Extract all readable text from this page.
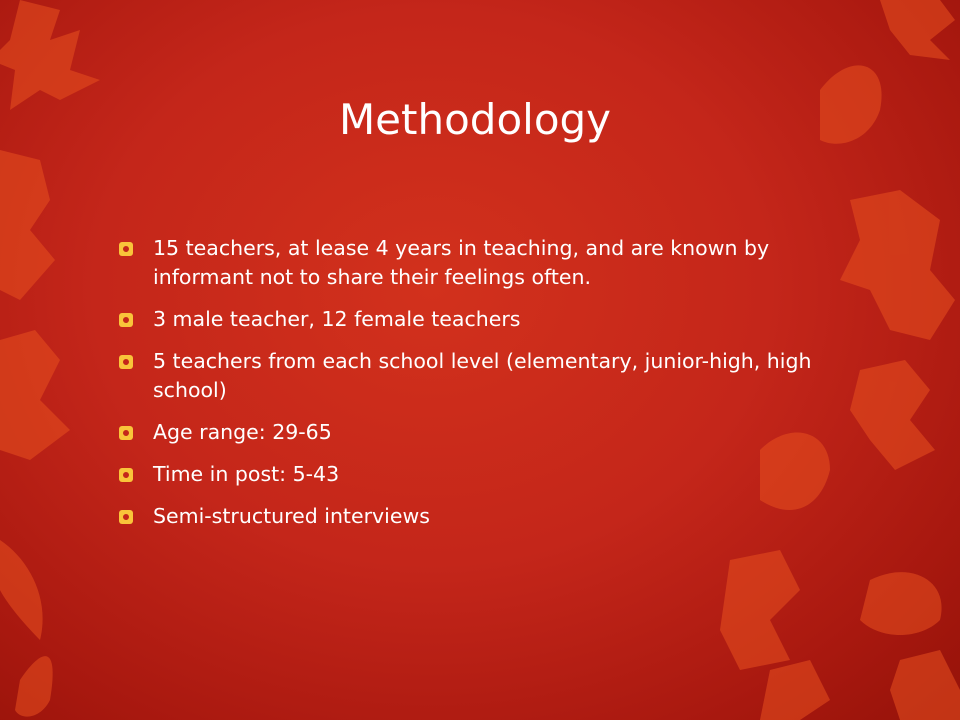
Methodology
15 teachers, at lease 4 years in teaching, and are known by informant not to share their feelings often.
3 male teacher, 12 female teachers
5 teachers from each school level (elementary, junior-high, high school)
Age range: 29-65
Time in post: 5-43
Semi-structured interviews
